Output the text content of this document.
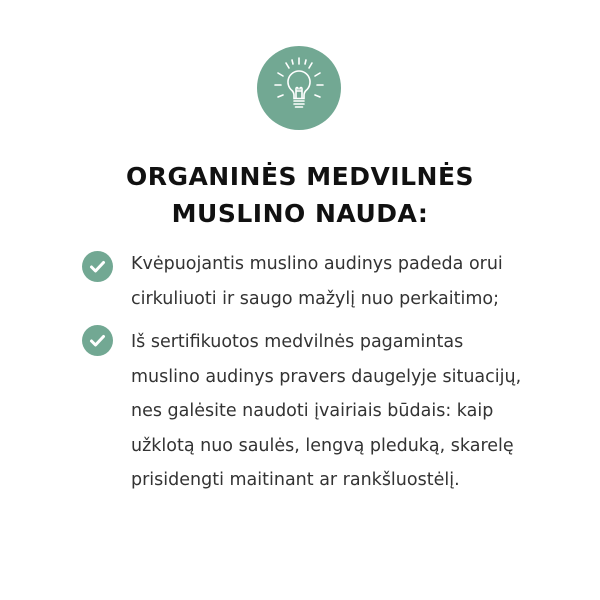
ORGANINĖS MEDVILNĖS
MUSLINO NAUDA:
Kvėpuojantis muslino audinys padeda orui
cirkuliuoti ir saugo mažylį nuo perkaitimo;
Iš sertifikuotos medvilnės pagamintas
muslino audinys pravers daugelyje situacijų,
nes galėsite naudoti įvairiais būdais: kaip
užklotą nuo saulės, lengvą pleduką, skarelę
prisidengti maitinant ar rankšluostėlį.
